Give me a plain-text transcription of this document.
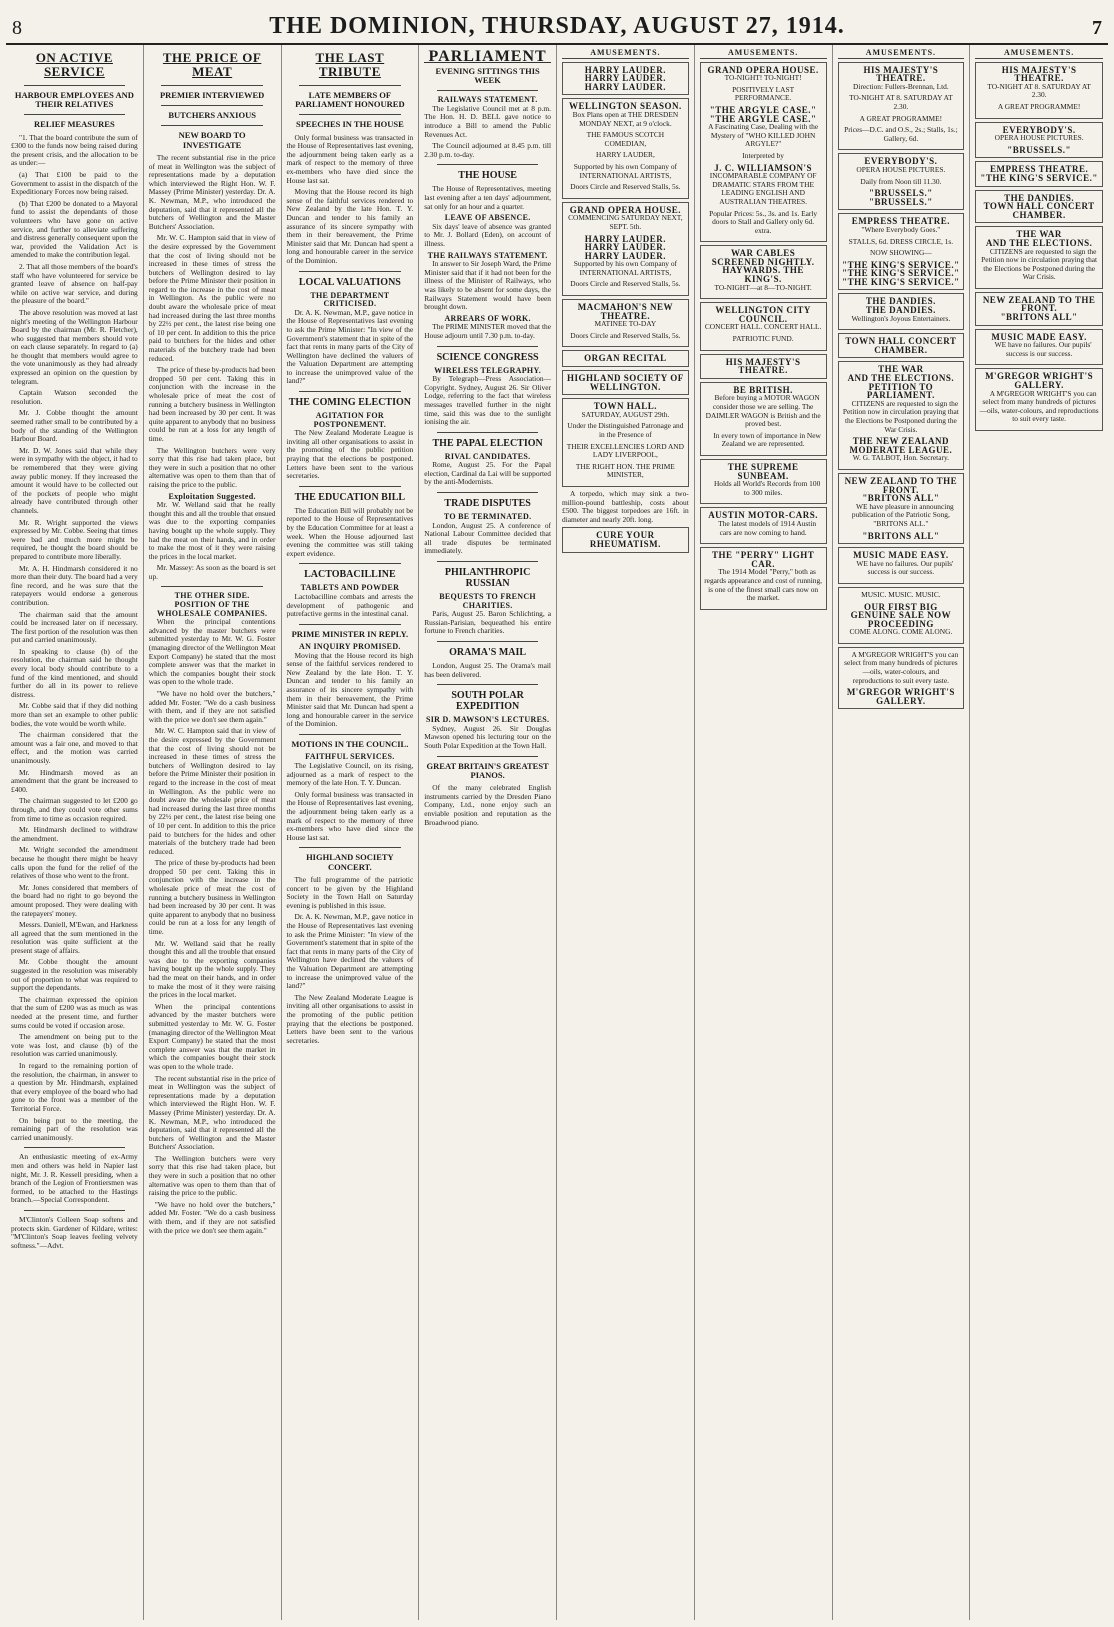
8	THE DOMINION, THURSDAY, AUGUST 27, 1914.	7
ON ACTIVE SERVICE
HARBOUR EMPLOYEES AND THEIR RELATIVES
RELIEF MEASURES

"1. That the board contribute the sum of £300 to the funds now being raised during the present crisis, and the allocation to be as under:—

(a) That £100 be paid to the Government to assist in the dispatch of the Expeditionary Forces now being raised.

(b) That £200 be donated to a Mayoral fund to assist the dependants of those volunteers who have gone on active service, and further to alleviate suffering and distress generally consequent upon the war, provided the Validation Act is amended to make the contribution legal.

2. That all those members of the board's staff who have volunteered for service be granted leave of absence on half-pay while on active war service, and during the pleasure of the board."

The above resolution was moved at last night's meeting of the Wellington Harbour Board by the chairman (Mr. R. Fletcher), who suggested that members should vote on each clause separately. In regard to (a) he thought that members would agree to the vote unanimously as they had already expressed an opinion on the question by telegram.

Captain Watson seconded the resolution.

Mr. J. Cobbe thought the amount seemed rather small to be contributed by a body of the standing of the Wellington Harbour Board.

Mr. D. W. Jones said that while they were in sympathy with the object, it had to be remembered that they were giving away public money. If they increased the amount it would have to be collected out of the pockets of people who might already have contributed through other channels.

Mr. R. Wright supported the views expressed by Mr. Cobbe. Seeing that times were bad and much more might be required, he thought the board should be prepared to contribute more liberally.

Mr. A. H. Hindmarsh considered it no more than their duty. The board had a very fine record, and he was sure that the ratepayers would endorse a generous contribution.

The chairman said that the amount could be increased later on if necessary. The first portion of the resolution was then put and carried unanimously.

In speaking to clause (b) of the resolution, the chairman said he thought every local body should contribute to a fund of the kind mentioned, and should further do all in its power to relieve distress.

Mr. Cobbe said that if they did nothing more than set an example to other public bodies, the vote would be worth while.

The chairman considered that the amount was a fair one, and moved to that effect, and the motion was carried unanimously.

Mr. Hindmarsh moved as an amendment that the grant be increased to £400.

The chairman suggested to let £200 go through, and they could vote other sums from time to time as occasion required.

Mr. Hindmarsh declined to withdraw the amendment.

Mr. Wright seconded the amendment because he thought there might be heavy calls upon the fund for the relief of the relatives of those who went to the front.

Mr. Jones considered that members of the board had no right to go beyond the amount proposed. They were dealing with the ratepayers' money.

Messrs. Daniell, M'Ewan, and Harkness all agreed that the sum mentioned in the resolution was quite sufficient at the present stage of affairs.

Mr. Cobbe thought the amount suggested in the resolution was miserably out of proportion to what was required to support the dependants.

The chairman expressed the opinion that the sum of £200 was as much as was needed at the present time, and further sums could be voted if occasion arose.

The amendment on being put to the vote was lost, and clause (b) of the resolution was carried unanimously.

In regard to the remaining portion of the resolution, the chairman, in answer to a question by Mr. Hindmarsh, explained that every employee of the board who had gone to the front was a member of the Territorial Force.

On being put to the meeting, the remaining part of the resolution was carried unanimously.

An enthusiastic meeting of ex-Army men and others was held in Napier last night, Mr. J. R. Kessell presiding, when a branch of the Legion of Frontiersmen was formed, to be attached to the Hastings branch.—Special Correspondent.

M'Clinton's Colleen Soap softens and protects skin. Gardener of Kildare, writes: "M'Clinton's Soap leaves feeling velvety softness."—Advt.

THE PRICE OF MEAT
PREMIER INTERVIEWED
BUTCHERS ANXIOUS
NEW BOARD TO INVESTIGATE

The recent substantial rise in the price of meat in Wellington was the subject of representations made by a deputation which interviewed the Right Hon. W. F. Massey (Prime Minister) yesterday. Dr. A. K. Newman, M.P., who introduced the deputation, said that it represented all the butchers of Wellington and the Master Butchers' Association.

Mr. W. C. Hampton said that in view of the desire expressed by the Government that the cost of living should not be increased in these times of stress the butchers of Wellington desired to lay before the Prime Minister their position in regard to the increase in the cost of meat in Wellington. As the public were no doubt aware the wholesale price of meat had increased during the last three months by 22½ per cent., the latest rise being one of 10 per cent. In addition to this the price paid to butchers for the hides and other materials of the butchery trade had been reduced.

The price of these by-products had been dropped 50 per cent. Taking this in conjunction with the increase in the wholesale price of meat the cost of running a butchery business in Wellington had been increased by 30 per cent. It was quite apparent to anybody that no business could be run at a loss for any length of time.

The Wellington butchers were very sorry that this rise had taken place, but they were in such a position that no other alternative was open to them than that of raising the price to the public.

Exploitation Suggested.

Mr. W. Welland said that he really thought this and all the trouble that ensued was due to the exporting companies having bought up the whole supply. They had the meat on their hands, and in order to make the most of it they were raising the prices in the local market.

Mr. Massey: As soon as the board is set up.

THE OTHER SIDE.
POSITION OF THE WHOLESALE COMPANIES.

When the principal contentions advanced by the master butchers were submitted yesterday to Mr. W. G. Foster (managing director of the Wellington Meat Export Company) he stated that the most complete answer was that the market in which the companies bought their stock was open to the whole trade.

"We have no hold over the butchers," added Mr. Foster. "We do a cash business with them, and if they are not satisfied with the price we don't see them again."

Mr. W. C. Hampton said that in view of the desire expressed by the Government that the cost of living should not be increased in these times of stress the butchers of Wellington desired to lay before the Prime Minister their position in regard to the increase in the cost of meat in Wellington. As the public were no doubt aware the wholesale price of meat had increased during the last three months by 22½ per cent., the latest rise being one of 10 per cent. In addition to this the price paid to butchers for the hides and other materials of the butchery trade had been reduced.

The price of these by-products had been dropped 50 per cent. Taking this in conjunction with the increase in the wholesale price of meat the cost of running a butchery business in Wellington had been increased by 30 per cent. It was quite apparent to anybody that no business could be run at a loss for any length of time.

Mr. W. Welland said that he really thought this and all the trouble that ensued was due to the exporting companies having bought up the whole supply. They had the meat on their hands, and in order to make the most of it they were raising the prices in the local market.

When the principal contentions advanced by the master butchers were submitted yesterday to Mr. W. G. Foster (managing director of the Wellington Meat Export Company) he stated that the most complete answer was that the market in which the companies bought their stock was open to the whole trade.

The recent substantial rise in the price of meat in Wellington was the subject of representations made by a deputation which interviewed the Right Hon. W. F. Massey (Prime Minister) yesterday. Dr. A. K. Newman, M.P., who introduced the deputation, said that it represented all the butchers of Wellington and the Master Butchers' Association.

The Wellington butchers were very sorry that this rise had taken place, but they were in such a position that no other alternative was open to them than that of raising the price to the public.

"We have no hold over the butchers," added Mr. Foster. "We do a cash business with them, and if they are not satisfied with the price we don't see them again."

THE LAST TRIBUTE
LATE MEMBERS OF PARLIAMENT HONOURED
SPEECHES IN THE HOUSE

Only formal business was transacted in the House of Representatives last evening, the adjournment being taken early as a mark of respect to the memory of three ex-members who have died since the House last sat.

Moving that the House record its high sense of the faithful services rendered to New Zealand by the late Hon. T. Y. Duncan and tender to his family an assurance of its sincere sympathy with them in their bereavement, the Prime Minister said that Mr. Duncan had spent a long and honourable career in the service of the Dominion.

LOCAL VALUATIONS
THE DEPARTMENT CRITICISED.

Dr. A. K. Newman, M.P., gave notice in the House of Representatives last evening to ask the Prime Minister: "In view of the Government's statement that in spite of the fact that rents in many parts of the City of Wellington have declined the valuers of the Valuation Department are attempting to increase the unimproved value of the land?"

THE COMING ELECTION
AGITATION FOR POSTPONEMENT.

The New Zealand Moderate League is inviting all other organisations to assist in the promoting of the public petition praying that the elections be postponed. Letters have been sent to the various secretaries.

THE EDUCATION BILL

The Education Bill will probably not be reported to the House of Representatives by the Education Committee for at least a week. When the House adjourned last evening the committee was still taking expert evidence.

LACTOBACILLINE
TABLETS AND POWDER

Lactobacilline combats and arrests the development of pathogenic and putrefactive germs in the intestinal canal.

PRIME MINISTER IN REPLY.
AN INQUIRY PROMISED.

Moving that the House record its high sense of the faithful services rendered to New Zealand by the late Hon. T. Y. Duncan and tender to his family an assurance of its sincere sympathy with them in their bereavement, the Prime Minister said that Mr. Duncan had spent a long and honourable career in the service of the Dominion.

MOTIONS IN THE COUNCIL.
FAITHFUL SERVICES.

The Legislative Council, on its rising, adjourned as a mark of respect to the memory of the late Hon. T. Y. Duncan.

Only formal business was transacted in the House of Representatives last evening, the adjournment being taken early as a mark of respect to the memory of three ex-members who have died since the House last sat.

HIGHLAND SOCIETY CONCERT.

The full programme of the patriotic concert to be given by the Highland Society in the Town Hall on Saturday evening is published in this issue.

Dr. A. K. Newman, M.P., gave notice in the House of Representatives last evening to ask the Prime Minister: "In view of the Government's statement that in spite of the fact that rents in many parts of the City of Wellington have declined the valuers of the Valuation Department are attempting to increase the unimproved value of the land?"

The New Zealand Moderate League is inviting all other organisations to assist in the promoting of the public petition praying that the elections be postponed. Letters have been sent to the various secretaries.

PARLIAMENT
EVENING SITTINGS THIS WEEK
RAILWAYS STATEMENT.

The Legislative Council met at 8 p.m. The Hon. H. D. BELL gave notice to introduce a Bill to amend the Public Revenues Act.

The Council adjourned at 8.45 p.m. till 2.30 p.m. to-day.

THE HOUSE

The House of Representatives, meeting last evening after a ten days' adjournment, sat only for an hour and a quarter.

LEAVE OF ABSENCE.

Six days' leave of absence was granted to Mr. J. Bollard (Eden), on account of illness.

THE RAILWAYS STATEMENT.

In answer to Sir Joseph Ward, the Prime Minister said that if it had not been for the illness of the Minister of Railways, who was likely to be absent for some days, the Railways Statement would have been brought down.

ARREARS OF WORK.

The PRIME MINISTER moved that the House adjourn until 7.30 p.m. to-day.

SCIENCE CONGRESS
WIRELESS TELEGRAPHY.

By Telegraph—Press Association—Copyright. Sydney, August 26. Sir Oliver Lodge, referring to the fact that wireless messages travelled further in the night time, said this was due to the sunlight ionising the air.

THE PAPAL ELECTION
RIVAL CANDIDATES.

Rome, August 25. For the Papal election, Cardinal da Lai will be supported by the anti-Modernists.

TRADE DISPUTES
TO BE TERMINATED.

London, August 25. A conference of National Labour Committee decided that all trade disputes be terminated immediately.

PHILANTHROPIC RUSSIAN
BEQUESTS TO FRENCH CHARITIES.

Paris, August 25. Baron Schlichting, a Russian-Parisian, bequeathed his entire fortune to French charities.

ORAMA'S MAIL

London, August 25. The Orama's mail has been delivered.

SOUTH POLAR EXPEDITION
SIR D. MAWSON'S LECTURES.

Sydney, August 26. Sir Douglas Mawson opened his lecturing tour on the South Polar Expedition at the Town Hall.

GREAT BRITAIN'S GREATEST PIANOS.

Of the many celebrated English instruments carried by the Dresden Piano Company, Ltd., none enjoy such an enviable position and reputation as the Broadwood piano.

AMUSEMENTS.
HARRY LAUDER.
HARRY LAUDER.
HARRY LAUDER.
WELLINGTON SEASON.

Box Plans open at THE DRESDEN MONDAY NEXT, at 9 o'clock.

THE FAMOUS SCOTCH COMEDIAN,

HARRY LAUDER,

Supported by his own Company of INTERNATIONAL ARTISTS,

Doors Circle and Reserved Stalls, 5s.

GRAND OPERA HOUSE.

COMMENCING SATURDAY NEXT, SEPT. 5th.

HARRY LAUDER.
HARRY LAUDER.
HARRY LAUDER.

Supported by his own Company of INTERNATIONAL ARTISTS,

Doors Circle and Reserved Stalls, 5s.

MACMAHON'S NEW THEATRE.

MATINEE TO-DAY

Doors Circle and Reserved Stalls, 5s.

ORGAN RECITAL
HIGHLAND SOCIETY OF WELLINGTON.
TOWN HALL.

SATURDAY, AUGUST 29th.

Under the Distinguished Patronage and in the Presence of

THEIR EXCELLENCIES LORD AND LADY LIVERPOOL,

THE RIGHT HON. THE PRIME MINISTER,

A torpedo, which may sink a two-million-pound battleship, costs about £500. The biggest torpedoes are 16ft. in diameter and nearly 20ft. long.

CURE YOUR RHEUMATISM.
AMUSEMENTS.
GRAND OPERA HOUSE.

TO-NIGHT! TO-NIGHT!

POSITIVELY LAST PERFORMANCE.

"THE ARGYLE CASE."
"THE ARGYLE CASE."

A Fascinating Case, Dealing with the Mystery of "WHO KILLED JOHN ARGYLE?"

Interpreted by

J. C. WILLIAMSON'S

INCOMPARABLE COMPANY OF DRAMATIC STARS FROM THE LEADING ENGLISH AND AUSTRALIAN THEATRES.

Popular Prices: 5s., 3s. and 1s. Early doors to Stall and Gallery only 6d. extra.

WAR CABLES SCREENED NIGHTLY.
HAYWARDS. THE KING'S.

TO-NIGHT—at 8—TO-NIGHT.

WELLINGTON CITY COUNCIL.

CONCERT HALL. CONCERT HALL.

PATRIOTIC FUND.

HIS MAJESTY'S THEATRE.
BE BRITISH.

Before buying a MOTOR WAGON consider those we are selling. The DAIMLER WAGON is British and the proved best.

In every town of importance in New Zealand we are represented.

THE SUPREME SUNBEAM.

Holds all World's Records from 100 to 300 miles.

AUSTIN MOTOR-CARS.

The latest models of 1914 Austin cars are now coming to hand.

THE "PERRY" LIGHT CAR.

The 1914 Model "Perry," both as regards appearance and cost of running, is one of the finest small cars now on the market.

AMUSEMENTS.
HIS MAJESTY'S THEATRE.

Direction: Fullers-Brennan, Ltd.

TO-NIGHT AT 8. SATURDAY AT 2.30.

A GREAT PROGRAMME!

Prices—D.C. and O.S., 2s.; Stalls, 1s.; Gallery, 6d.

EVERYBODY'S.

OPERA HOUSE PICTURES.

Daily from Noon till 11.30.

"BRUSSELS."
"BRUSSELS."
EMPRESS THEATRE.

"Where Everybody Goes."

STALLS, 6d. DRESS CIRCLE, 1s.

NOW SHOWING—

"THE KING'S SERVICE."
"THE KING'S SERVICE."
"THE KING'S SERVICE."
THE DANDIES.
THE DANDIES.

Wellington's Joyous Entertainers.

TOWN HALL CONCERT CHAMBER.
THE WAR
AND THE ELECTIONS.
PETITION TO PARLIAMENT.

CITIZENS are requested to sign the Petition now in circulation praying that the Elections be Postponed during the War Crisis.

THE NEW ZEALAND MODERATE LEAGUE.

W. G. TALBOT, Hon. Secretary.

NEW ZEALAND TO THE FRONT.
"BRITONS ALL"

WE have pleasure in announcing publication of the Patriotic Song, "BRITONS ALL."

"BRITONS ALL"
MUSIC MADE EASY.

WE have no failures. Our pupils' success is our success.

MUSIC. MUSIC. MUSIC.

OUR FIRST BIG GENUINE SALE NOW PROCEEDING

COME ALONG. COME ALONG.

A M'GREGOR WRIGHT'S you can select from many hundreds of pictures—oils, water-colours, and reproductions to suit every taste.

M'GREGOR WRIGHT'S GALLERY.
AMUSEMENTS.
HIS MAJESTY'S THEATRE.

TO-NIGHT AT 8. SATURDAY AT 2.30.

A GREAT PROGRAMME!

EVERYBODY'S.

OPERA HOUSE PICTURES.

"BRUSSELS."
EMPRESS THEATRE.
"THE KING'S SERVICE."
THE DANDIES.
TOWN HALL CONCERT CHAMBER.
THE WAR
AND THE ELECTIONS.

CITIZENS are requested to sign the Petition now in circulation praying that the Elections be Postponed during the War Crisis.

NEW ZEALAND TO THE FRONT.
"BRITONS ALL"
MUSIC MADE EASY.

WE have no failures. Our pupils' success is our success.

M'GREGOR WRIGHT'S GALLERY.

A M'GREGOR WRIGHT'S you can select from many hundreds of pictures—oils, water-colours, and reproductions to suit every taste.
